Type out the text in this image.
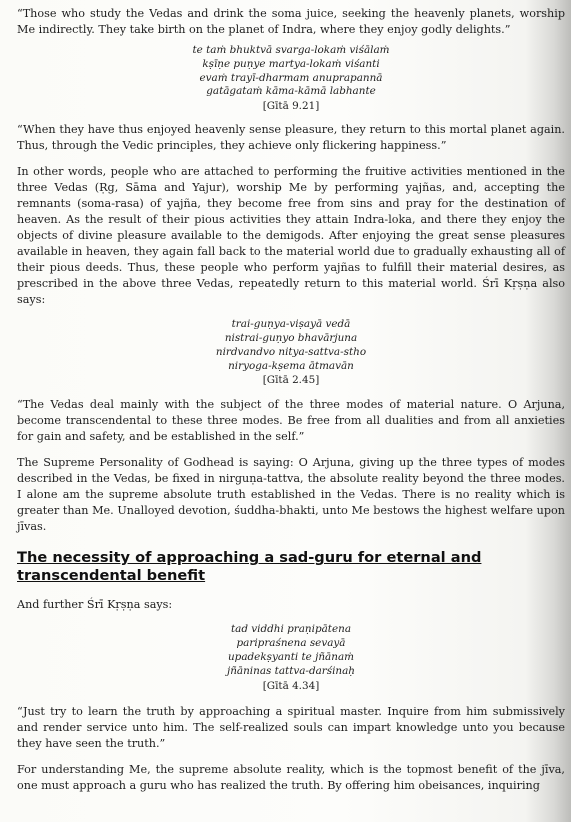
“Those who study the Vedas and drink the soma juice, seeking the heavenly planets, worship Me indirectly. They take birth on the planet of Indra, where they enjoy godly delights.”

te taṁ bhuktvā svarga-lokaṁ viśālaṁ

kṣīṇe puṇye martya-lokaṁ viśanti

evaṁ trayī-dharmam anuprapannā

gatāgataṁ kāma-kāmā labhante

[Gītā 9.21]

“When they have thus enjoyed heavenly sense pleasure, they return to this mortal planet again. Thus, through the Vedic principles, they achieve only flickering happiness.”

In other words, people who are attached to performing the fruitive activities mentioned in the three Vedas (Ṛg, Sāma and Yajur), worship Me by performing yajñas, and, accepting the remnants (soma-rasa) of yajña, they become free from sins and pray for the destination of heaven. As the result of their pious activities they attain Indra-loka, and there they enjoy the objects of divine pleasure available to the demigods. After enjoying the great sense pleasures available in heaven, they again fall back to the material world due to gradually exhausting all of their pious deeds. Thus, these people who perform yajñas to fulfill their material desires, as prescribed in the above three Vedas, repeatedly return to this material world. Śrī Kṛṣṇa also says:

trai-guṇya-viṣayā vedā

nistrai-guṇyo bhavārjuna

nirdvandvo nitya-sattva-stho

niryoga-kṣema ātmavān

[Gītā 2.45]

“The Vedas deal mainly with the subject of the three modes of material nature. O Arjuna, become transcendental to these three modes. Be free from all dualities and from all anxieties for gain and safety, and be established in the self.”

The Supreme Personality of Godhead is saying: O Arjuna, giving up the three types of modes described in the Vedas, be fixed in nirguṇa-tattva, the absolute reality beyond the three modes. I alone am the supreme absolute truth established in the Vedas. There is no reality which is greater than Me. Unalloyed devotion, śuddha-bhakti, unto Me bestows the highest welfare upon jīvas.

The necessity of approaching a sad-guru for eternal and transcendental benefit

And further Śrī Kṛṣṇa says:

tad viddhi praṇipātena

paripraśnena sevayā

upadekṣyanti te jñānaṁ

jñāninas tattva-darśinaḥ

[Gītā 4.34]

“Just try to learn the truth by approaching a spiritual master. Inquire from him submissively and render service unto him. The self-realized souls can impart knowledge unto you because they have seen the truth.”

For understanding Me, the supreme absolute reality, which is the topmost benefit of the jīva, one must approach a guru who has realized the truth. By offering him obeisances, inquiring
